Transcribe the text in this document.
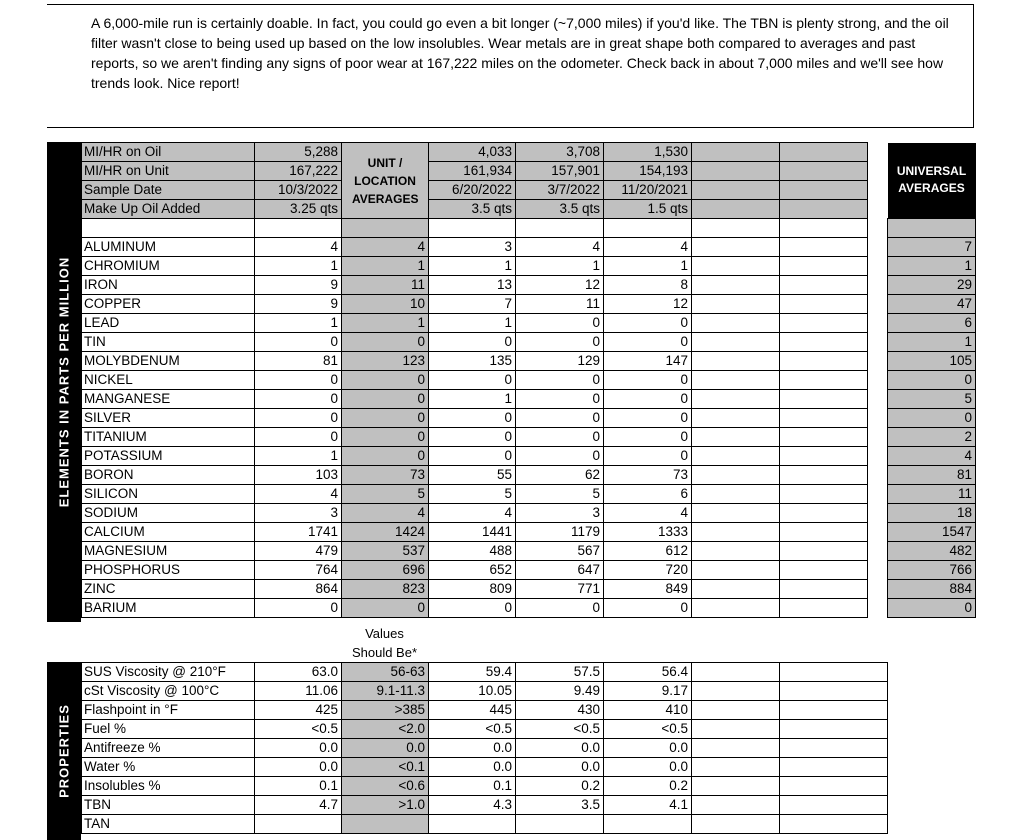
A 6,000-mile run is certainly doable. In fact, you could go even a bit longer (~7,000 miles) if you'd like. The TBN is plenty strong, and the oil filter wasn't close to being used up based on the low insolubles. Wear metals are in great shape both compared to averages and past reports, so we aren't finding any signs of poor wear at 167,222 miles on the odometer. Check back in about 7,000 miles and we'll see how trends look. Nice report!
ELEMENTS IN PARTS PER MILLION
MI/HR on Oil	5,288	UNIT / LOCATION AVERAGES	4,033	3,708	1,530				UNIVERSAL AVERAGES

MI/HR on Unit	167,222		161,934	157,901	154,193				
Sample Date	10/3/2022		6/20/2022	3/7/2022	11/20/2021				
Make Up Oil Added	3.25 qts		3.5 qts	3.5 qts	1.5 qts				

ALUMINUM	4	4	3	4	4				7
CHROMIUM	1	1	1	1	1				1
IRON	9	11	13	12	8				29
COPPER	9	10	7	11	12				47
LEAD	1	1	1	0	0				6
TIN	0	0	0	0	0				1
MOLYBDENUM	81	123	135	129	147				105
NICKEL	0	0	0	0	0				0
MANGANESE	0	0	1	0	0				5
SILVER	0	0	0	0	0				0
TITANIUM	0	0	0	0	0				2
POTASSIUM	1	0	0	0	0				4
BORON	103	73	55	62	73				81
SILICON	4	5	5	5	6				11
SODIUM	3	4	4	3	4				18
CALCIUM	1741	1424	1441	1179	1333				1547
MAGNESIUM	479	537	488	567	612				482
PHOSPHORUS	764	696	652	647	720				766
ZINC	864	823	809	771	849				884
BARIUM	0	0	0	0	0				0
Values Should Be*
PROPERTIES
SUS Viscosity @ 210°F	63.0	56-63	59.4	57.5	56.4		
cSt Viscosity @ 100°C	11.06	9.1-11.3	10.05	9.49	9.17		
Flashpoint in °F	425	>385	445	430	410		
Fuel %	<0.5	<2.0	<0.5	<0.5	<0.5		
Antifreeze %	0.0	0.0	0.0	0.0	0.0		
Water %	0.0	<0.1	0.0	0.0	0.0		
Insolubles %	0.1	<0.6	0.1	0.2	0.2		
TBN	4.7	>1.0	4.3	3.5	4.1		
TAN							
